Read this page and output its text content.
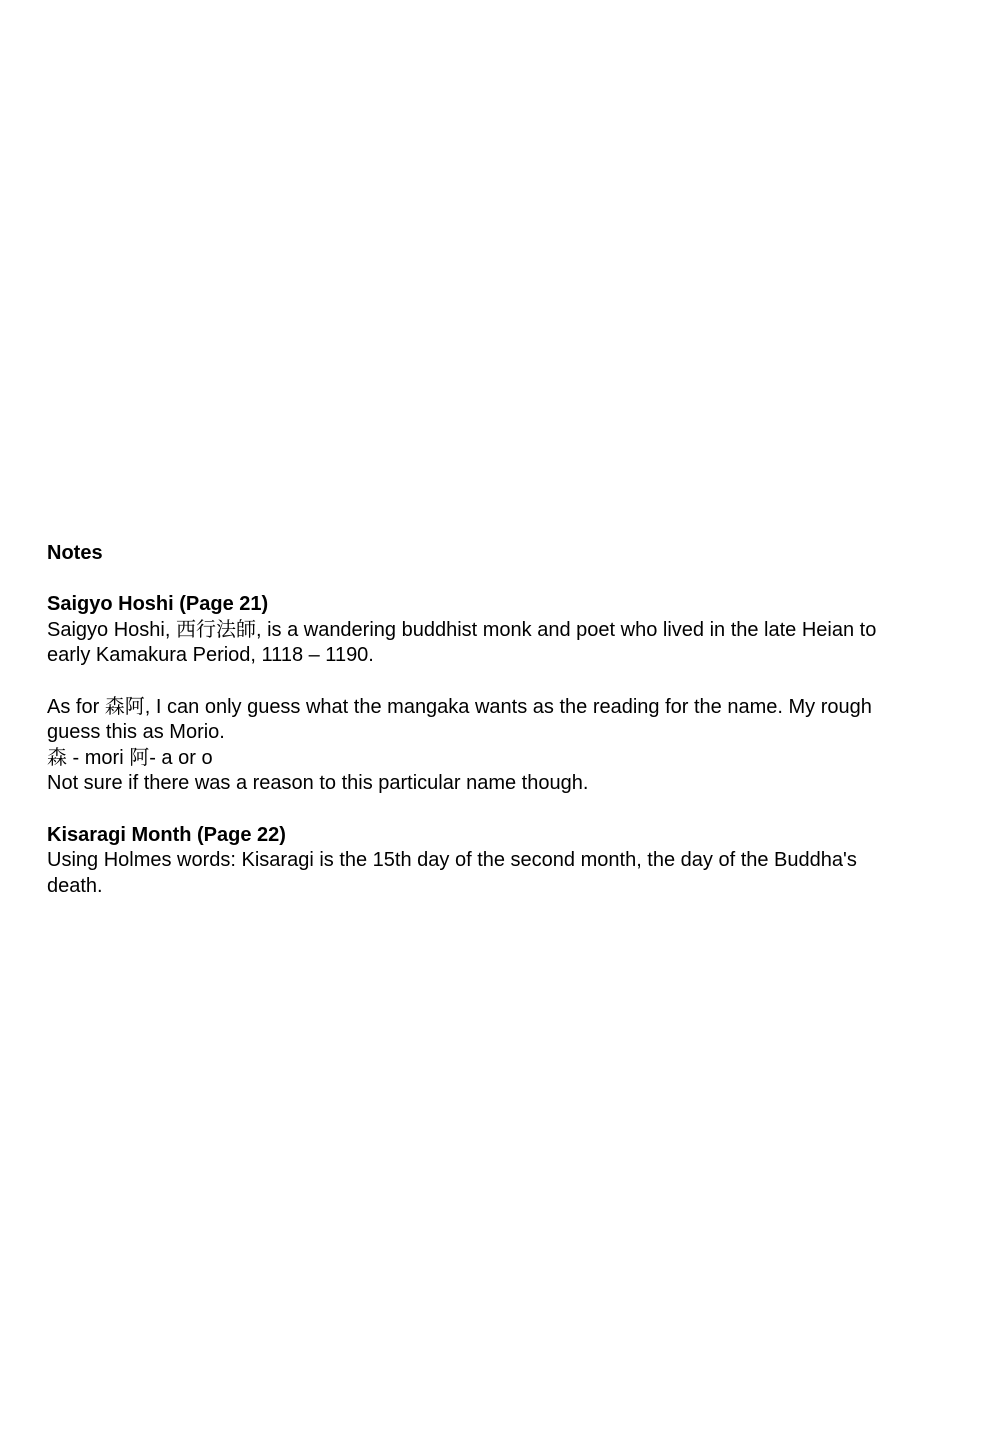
Notes
Saigyo Hoshi (Page 21)
Saigyo Hoshi, 西行法師, is a wandering buddhist monk and poet who lived in the late Heian to
early Kamakura Period, 1118 – 1190.
As for 森阿, I can only guess what the mangaka wants as the reading for the name. My rough
guess this as Morio.
森 - mori 阿- a or o
Not sure if there was a reason to this particular name though.
Kisaragi Month (Page 22)
Using Holmes words: Kisaragi is the 15th day of the second month, the day of the Buddha's
death.
